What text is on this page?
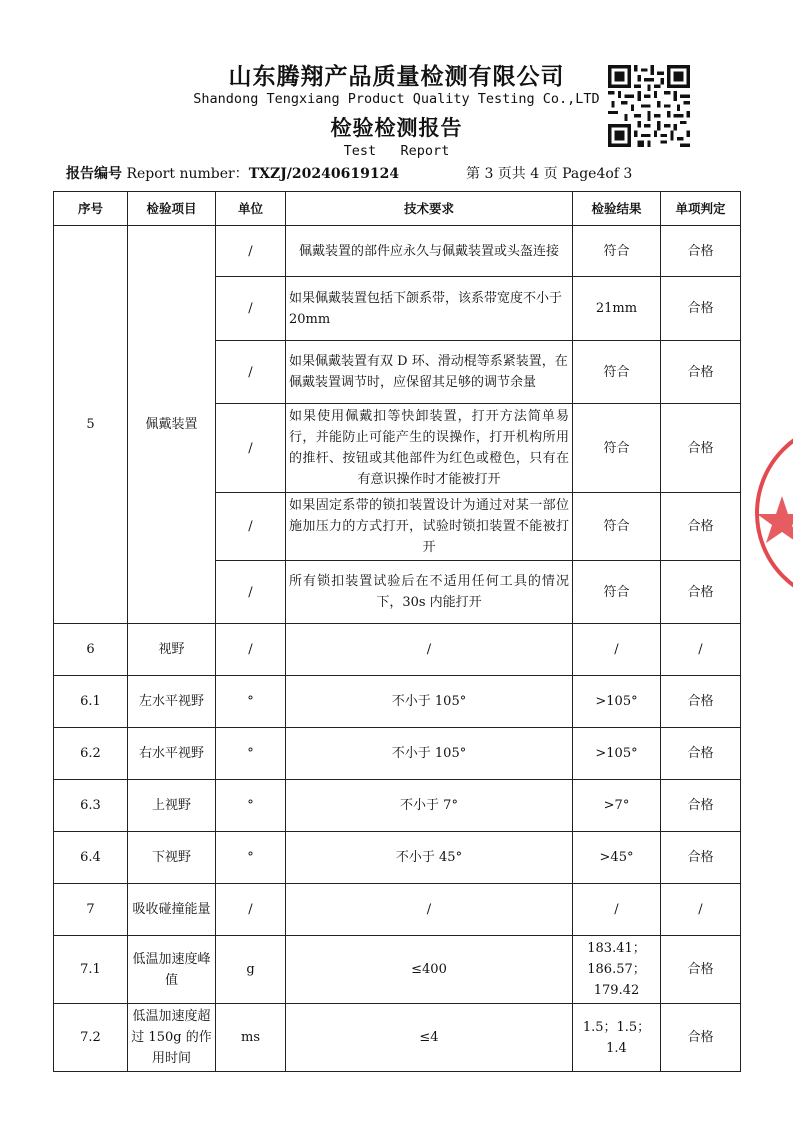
山东腾翔产品质量检测有限公司
Shandong Tengxiang Product Quality Testing Co.,LTD
检验检测报告
Test   Report
报告编号 Report number：TXZJ/20240619124	第 3 页共 4 页 Page4of 3
序号	检验项目	单位	技术要求	检验结果	单项判定
5	佩戴装置	/	佩戴装置的部件应永久与佩戴装置或头盔连接	符合	合格
		/	如果佩戴装置包括下颌系带，该系带宽度不小于 20mm	21mm	合格
		/	如果佩戴装置有双 D 环、滑动棍等系紧装置，在佩戴装置调节时，应保留其足够的调节余量	符合	合格
		/	如果使用佩戴扣等快卸装置，打开方法简单易行，并能防止可能产生的误操作，打开机构所用的推杆、按钮或其他部件为红色或橙色，只有在有意识操作时才能被打开	符合	合格
		/	如果固定系带的锁扣装置设计为通过对某一部位施加压力的方式打开，试验时锁扣装置不能被打开	符合	合格
		/	所有锁扣装置试验后在不适用任何工具的情况下，30s 内能打开	符合	合格
6	视野	/	/	/	/
6.1	左水平视野	°	不小于 105°	>105°	合格
6.2	右水平视野	°	不小于 105°	>105°	合格
6.3	上视野	°	不小于 7°	>7°	合格
6.4	下视野	°	不小于 45°	>45°	合格
7	吸收碰撞能量	/	/	/	/
7.1	低温加速度峰值	g	≤400	183.41；186.57；179.42	合格
7.2	低温加速度超过 150g 的作用时间	ms	≤4	1.5；1.5；1.4	合格
